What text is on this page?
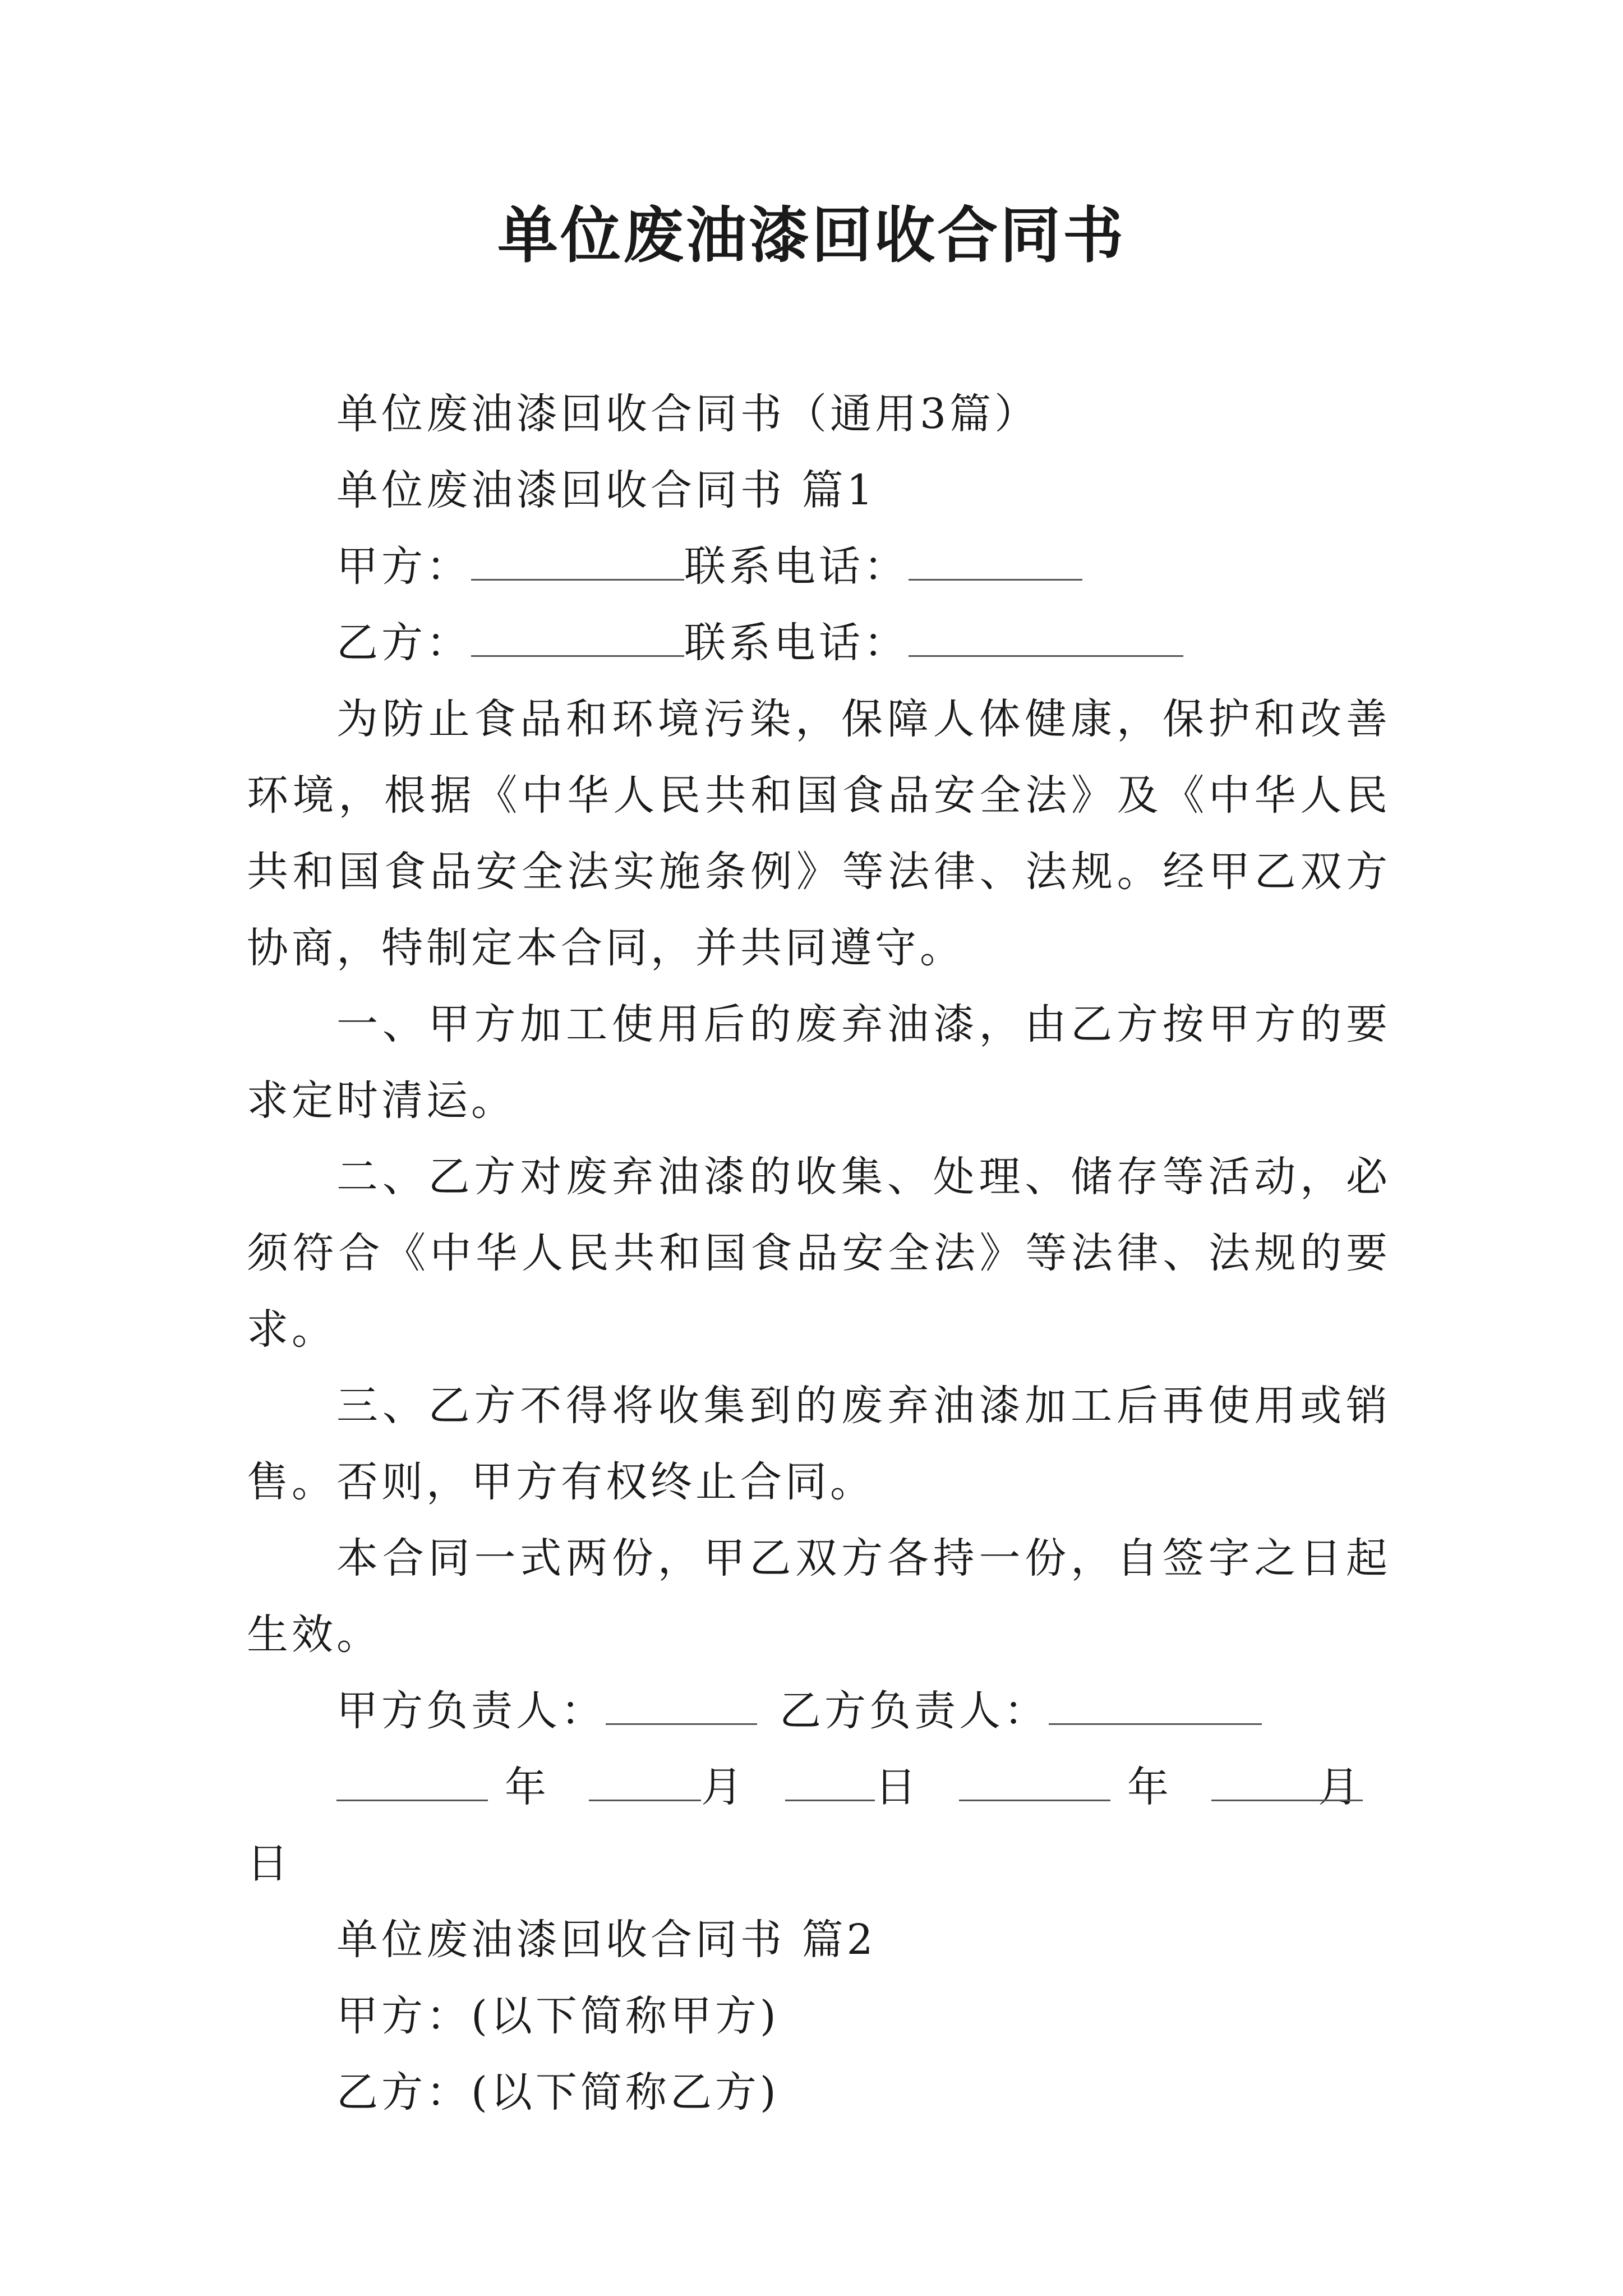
单位废油漆回收合同书

单位废油漆回收合同书（通用3篇）

单位废油漆回收合同书 篇1

甲方：	联系电话：

乙方：	联系电话：

为防止食品和环境污染，保障人体健康，保护和改善环境，根据《中华人民共和国食品安全法》及《中华人民共和国食品安全法实施条例》等法律、法规。经甲乙双方协商，特制定本合同，并共同遵守。

一、甲方加工使用后的废弃油漆，由乙方按甲方的要求定时清运。

二、乙方对废弃油漆的收集、处理、储存等活动，必须符合《中华人民共和国食品安全法》等法律、法规的要求。

三、乙方不得将收集到的废弃油漆加工后再使用或销售。否则，甲方有权终止合同。

本合同一式两份，甲乙双方各持一份，自签字之日起生效。

甲方负责人：	乙方负责人：

年	月	日	年	月日

单位废油漆回收合同书 篇2

甲方：(以下简称甲方)

乙方：(以下简称乙方)
